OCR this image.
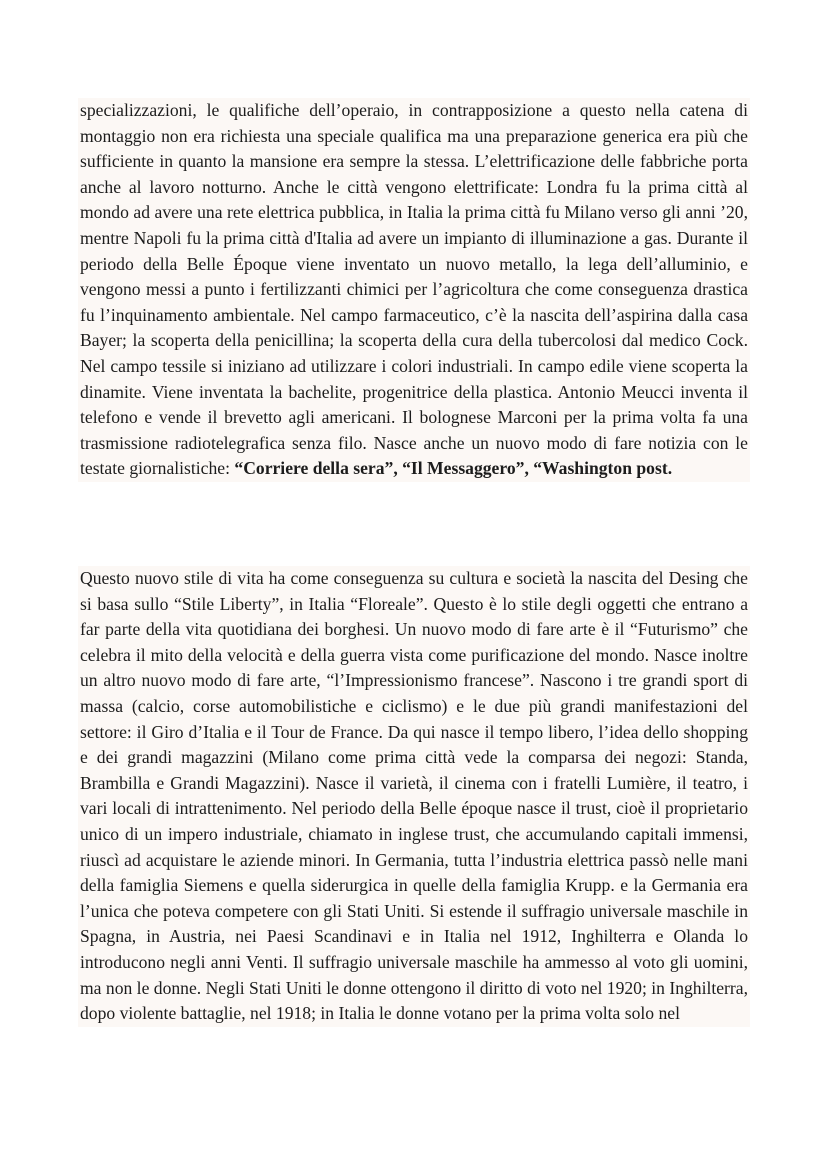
specializzazioni, le qualifiche dell’operaio, in contrapposizione a questo nella catena di montaggio non era richiesta una speciale qualifica ma una preparazione generica era più che sufficiente in quanto la mansione era sempre la stessa. L’elettrificazione delle fabbriche porta anche al lavoro notturno. Anche le città vengono elettrificate: Londra fu la prima città al mondo ad avere una rete elettrica pubblica, in Italia la prima città fu Milano verso gli anni ’20, mentre Napoli fu la prima città d'Italia ad avere un impianto di illuminazione a gas. Durante il periodo della Belle Époque viene inventato un nuovo metallo, la lega dell’alluminio, e vengono messi a punto i fertilizzanti chimici per l’agricoltura che come conseguenza drastica fu l’inquinamento ambientale. Nel campo farmaceutico, c’è la nascita dell’aspirina dalla casa Bayer; la scoperta della penicillina; la scoperta della cura della tubercolosi dal medico Cock. Nel campo tessile si iniziano ad utilizzare i colori industriali. In campo edile viene scoperta la dinamite. Viene inventata la bachelite, progenitrice della plastica. Antonio Meucci inventa il telefono e vende il brevetto agli americani. Il bolognese Marconi per la prima volta fa una trasmissione radiotelegrafica senza filo. Nasce anche un nuovo modo di fare notizia con le testate giornalistiche: “Corriere della sera”, “Il Messaggero”, “Washington post.

Questo nuovo stile di vita ha come conseguenza su cultura e società la nascita del Desing che si basa sullo “Stile Liberty”, in Italia “Floreale”. Questo è lo stile degli oggetti che entrano a far parte della vita quotidiana dei borghesi. Un nuovo modo di fare arte è il “Futurismo” che celebra il mito della velocità e della guerra vista come purificazione del mondo. Nasce inoltre un altro nuovo modo di fare arte, “l’Impressionismo francese”. Nascono i tre grandi sport di massa (calcio, corse automobilistiche e ciclismo) e le due più grandi manifestazioni del settore: il Giro d’Italia e il Tour de France. Da qui nasce il tempo libero, l’idea dello shopping e dei grandi magazzini (Milano come prima città vede la comparsa dei negozi: Standa, Brambilla e Grandi Magazzini). Nasce il varietà, il cinema con i fratelli Lumière, il teatro, i vari locali di intrattenimento. Nel periodo della Belle époque nasce il trust, cioè il proprietario unico di un impero industriale, chiamato in inglese trust, che accumulando capitali immensi, riuscì ad acquistare le aziende minori. In Germania, tutta l’industria elettrica passò nelle mani della famiglia Siemens e quella siderurgica in quelle della famiglia Krupp. e la Germania era l’unica che poteva competere con gli Stati Uniti. Si estende il suffragio universale maschile in Spagna, in Austria, nei Paesi Scandinavi e in Italia nel 1912, Inghilterra e Olanda lo introducono negli anni Venti. Il suffragio universale maschile ha ammesso al voto gli uomini, ma non le donne. Negli Stati Uniti le donne ottengono il diritto di voto nel 1920; in Inghilterra, dopo violente battaglie, nel 1918; in Italia le donne votano per la prima volta solo nel
